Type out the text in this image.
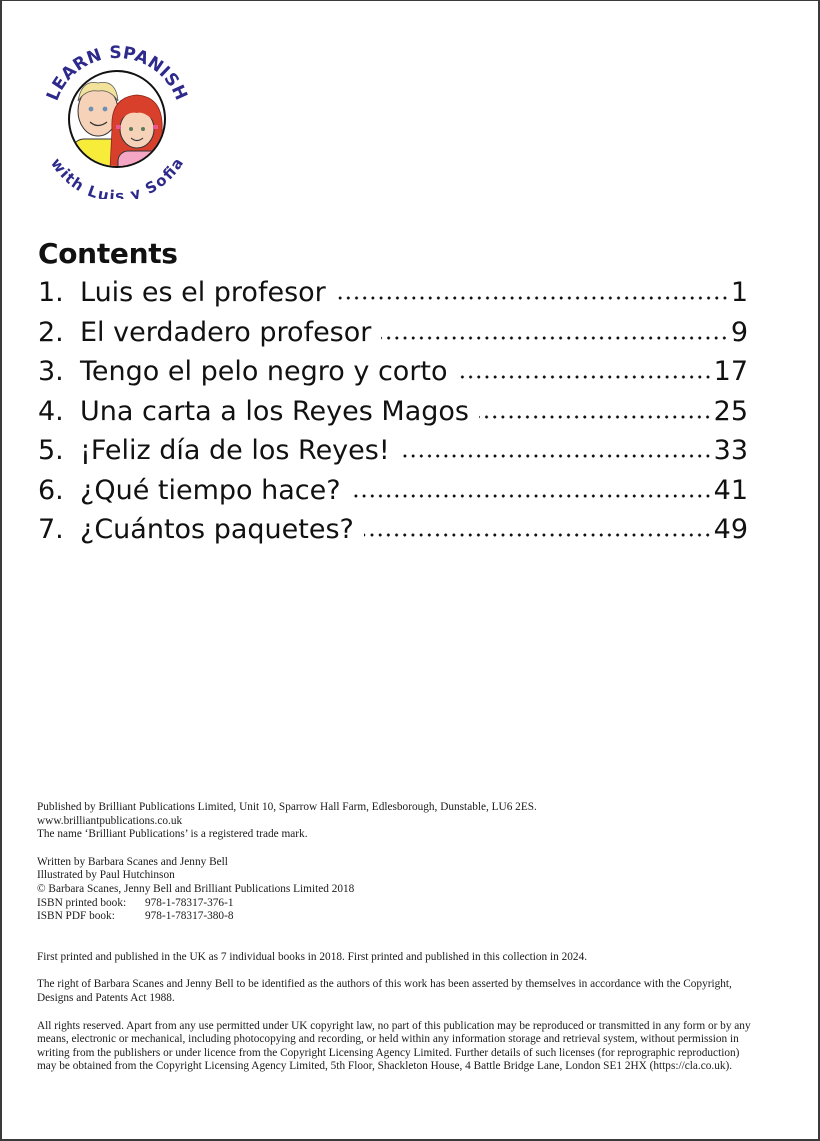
LEARN SPANISH
with Luis y Sofia
Contents
1. Luis es el profesor	1
2. El verdadero profesor	9
3. Tengo el pelo negro y corto	17
4. Una carta a los Reyes Magos	25
5. ¡Feliz día de los Reyes!	33
6. ¿Qué tiempo hace?	41
7. ¿Cuántos paquetes?	49

Published by Brilliant Publications Limited, Unit 10, Sparrow Hall Farm, Edlesborough, Dunstable, LU6 2ES.

www.brilliantpublications.co.uk

The name ‘Brilliant Publications’ is a registered trade mark.

Written by Barbara Scanes and Jenny Bell

Illustrated by Paul Hutchinson

© Barbara Scanes, Jenny Bell and Brilliant Publications Limited 2018

ISBN printed book:	978-1-78317-376-1
ISBN PDF book:	978-1-78317-380-8

First printed and published in the UK as 7 individual books in 2018. First printed and published in this collection in 2024.

The right of Barbara Scanes and Jenny Bell to be identified as the authors of this work has been asserted by themselves in accordance with the Copyright, Designs and Patents Act 1988.

All rights reserved. Apart from any use permitted under UK copyright law, no part of this publication may be reproduced or transmitted in any form or by any means, electronic or mechanical, including photocopying and recording, or held within any information storage and retrieval system, without permission in writing from the publishers or under licence from the Copyright Licensing Agency Limited. Further details of such licenses (for reprographic reproduction) may be obtained from the Copyright Licensing Agency Limited, 5th Floor, Shackleton House, 4 Battle Bridge Lane, London SE1 2HX (https://cla.co.uk).
